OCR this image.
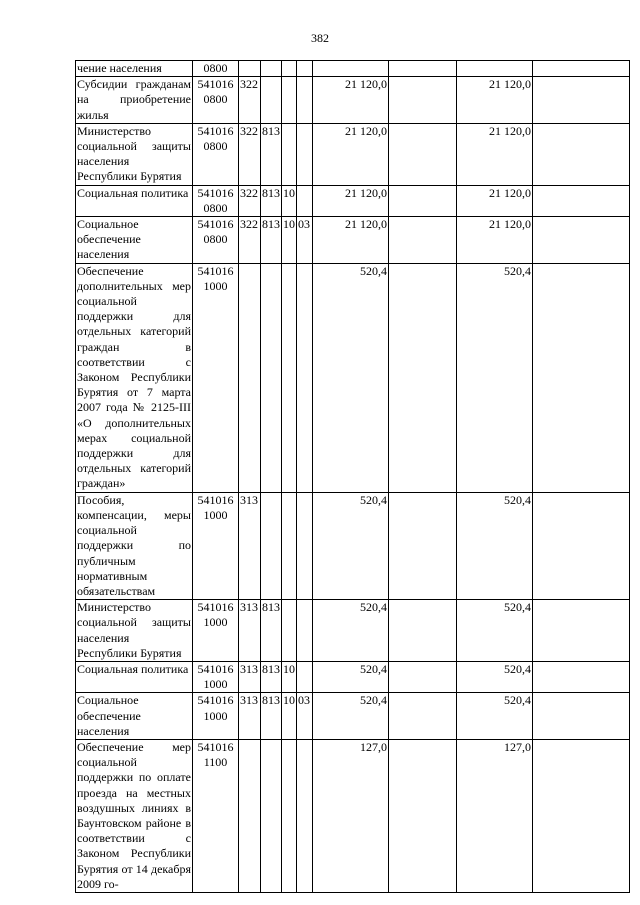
382
чение населения	0800								
Субсидии гражданам на приобретение жилья	541016 0800	322				21 120,0		21 120,0	
Министерство социальной защиты населения Республики Бурятия	541016 0800	322	813			21 120,0		21 120,0	
Социальная политика	541016 0800	322	813	10		21 120,0		21 120,0	
Социальное обеспечение населения	541016 0800	322	813	10	03	21 120,0		21 120,0	
Обеспечение дополнительных мер социальной поддержки для отдельных категорий граждан в соответствии с Законом Республики Бурятия от 7 марта 2007 года № 2125-III «О дополнительных мерах социальной поддержки для отдельных категорий граждан»	541016 1000					520,4		520,4	
Пособия, компенсации, меры социальной поддержки по публичным нормативным обязательствам	541016 1000	313				520,4		520,4	
Министерство социальной защиты населения Республики Бурятия	541016 1000	313	813			520,4		520,4	
Социальная политика	541016 1000	313	813	10		520,4		520,4	
Социальное обеспечение населения	541016 1000	313	813	10	03	520,4		520,4	
Обеспечение мер социальной поддержки по оплате проезда на местных воздушных линиях в Баунтовском районе в соответствии с Законом Республики Бурятия от 14 декабря 2009 го-	541016 1100					127,0		127,0	
